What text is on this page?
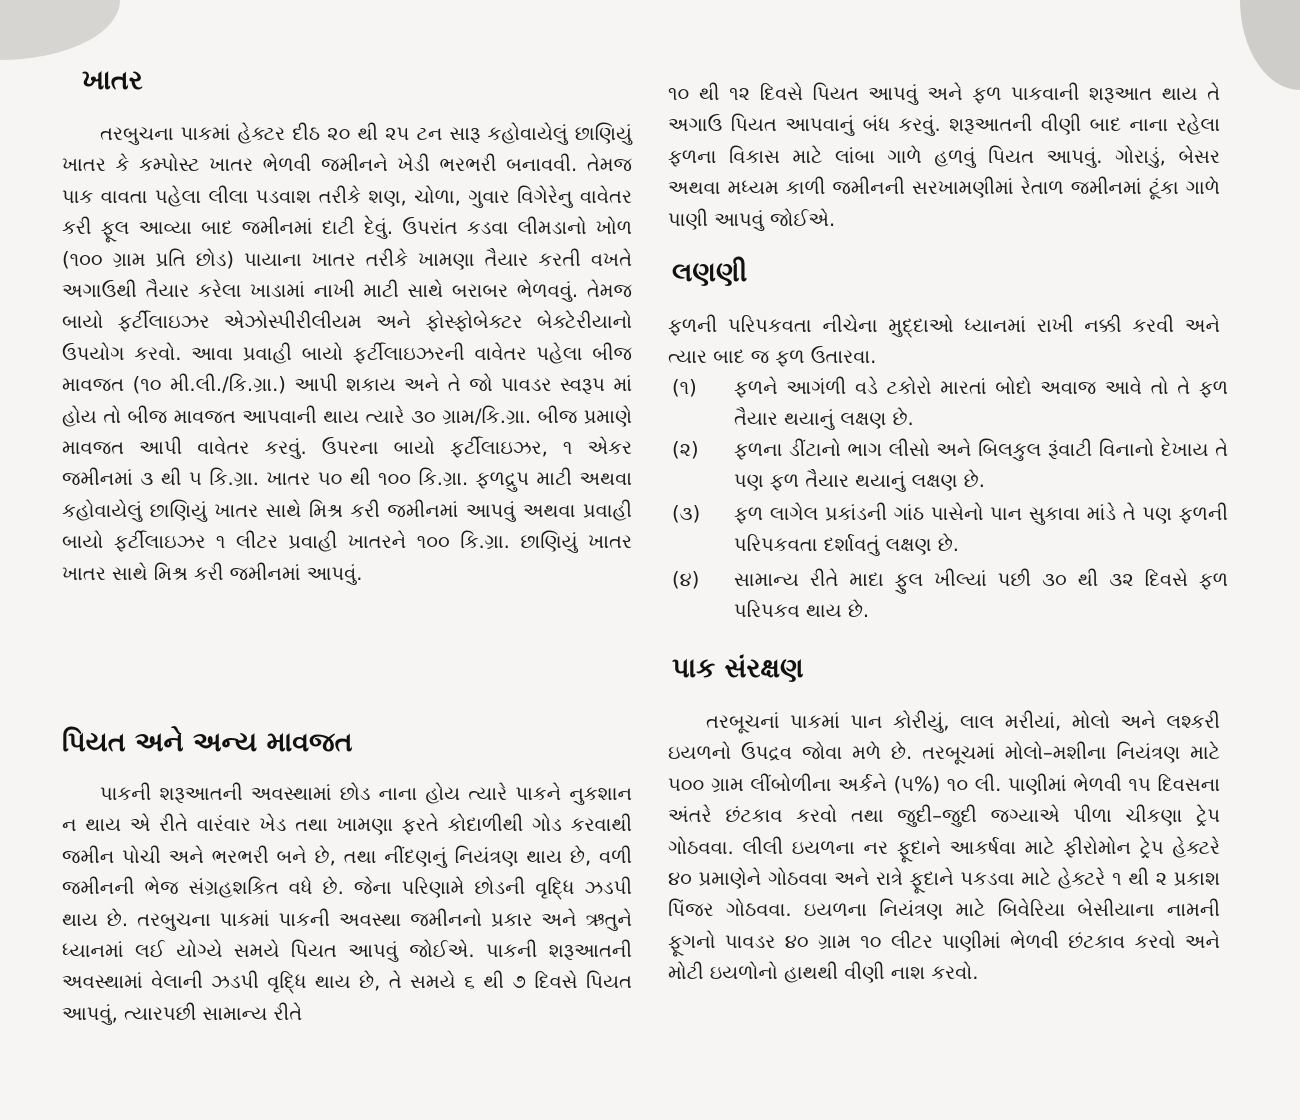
ખાતર

તરબુચના પાકમાં હેક્ટર દીઠ ૨૦ થી ૨૫ ટન સારૂ કહોવાયેલું છાણિયું ખાતર કે કમ્પોસ્ટ ખાતર ભેળવી જમીનને ખેડી ભરભરી બનાવવી. તેમજ પાક વાવતા પહેલા લીલા પડવાશ તરીકે શણ, ચોળા, ગુવાર વિગેરેનુ વાવેતર કરી ફૂલ આવ્યા બાદ જમીનમાં દાટી દેવું. ઉપરાંત કડવા લીમડાનો ખોળ (૧૦૦ ગ્રામ પ્રતિ છોડ) પાયાના ખાતર તરીકે ખામણા તૈયાર કરતી વખતે અગાઉથી તૈયાર કરેલા ખાડામાં નાખી માટી સાથે બરાબર ભેળવવું. તેમજ બાયો ફર્ટીલાઇઝર એઝોસ્પીરીલીયમ અને ફોસ્ફોબેક્ટર બેક્ટેરીયાનો ઉપયોગ કરવો. આવા પ્રવાહી બાયો ફર્ટીલાઇઝરની વાવેતર પહેલા બીજ માવજત (૧૦ મી.લી./કિ.ગ્રા.) આપી શકાય અને તે જો પાવડર સ્વરૂપ માં હોય તો બીજ માવજત આપવાની થાય ત્યારે ૩૦ ગ્રામ/કિ.ગ્રા. બીજ પ્રમાણે માવજત આપી વાવેતર કરવું. ઉપરના બાયો ફર્ટીલાઇઝર, ૧ એકર જમીનમાં ૩ થી ૫ કિ.ગ્રા. ખાતર ૫૦ થી ૧૦૦ કિ.ગ્રા. ફળદ્રુપ માટી અથવા કહોવાયેલું છાણિયું ખાતર સાથે મિશ્ર કરી જમીનમાં આપવું અથવા પ્રવાહી બાયો ફર્ટીલાઇઝર ૧ લીટર પ્રવાહી ખાતરને ૧૦૦ કિ.ગ્રા. છાણિયું ખાતર ખાતર સાથે મિશ્ર કરી જમીનમાં આપવું.

પિયત અને અન્ય માવજત

પાકની શરૂઆતની અવસ્થામાં છોડ નાના હોય ત્યારે પાકને નુકશાન ન થાય એ રીતે વારંવાર ખેડ તથા ખામણા ફરતે કોદાળીથી ગોડ કરવાથી જમીન પોચી અને ભરભરી બને છે, તથા નીંદણનું નિયંત્રણ થાય છે, વળી જમીનની ભેજ સંગ્રહશકિત વધે છે. જેના પરિણામે છોડની વૃદ્ધિ ઝડપી થાય છે. તરબુચના પાકમાં પાકની અવસ્થા જમીનનો પ્રકાર અને ઋતુને ધ્યાનમાં લઈ યોગ્યે સમયે પિયત આપવું જોઈએ. પાકની શરૂઆતની અવસ્થામાં વેલાની ઝડપી વૃદ્ધિ થાય છે, તે સમયે ૬ થી ૭ દિવસે પિયત આપવું, ત્યારપછી સામાન્ય રીતે

૧૦ થી ૧૨ દિવસે પિયત આપવું અને ફળ પાકવાની શરૂઆત થાય તે અગાઉ પિયત આપવાનું બંધ કરવું. શરૂઆતની વીણી બાદ નાના રહેલા ફળના વિકાસ માટે લાંબા ગાળે હળવું પિયત આપવું. ગોરાડું, બેસર અથવા મધ્યમ કાળી જમીનની સરખામણીમાં રેતાળ જમીનમાં ટૂંકા ગાળે પાણી આપવું જોઈએ.

લણણી

ફળની પરિપકવતા નીચેના મુદ્દાઓ ધ્યાનમાં રાખી નક્કી કરવી અને ત્યાર બાદ જ ફળ ઉતારવા.

(૧)	ફળને આગંળી વડે ટકોરો મારતાં બોદો અવાજ આવે તો તે ફળ તૈયાર થયાનું લક્ષણ છે.
(૨)	ફળના ડીંટાનો ભાગ લીસો અને બિલકુલ રૂંવાટી વિનાનો દેખાય તે પણ ફળ તૈયાર થયાનું લક્ષણ છે.
(૩)	ફળ લાગેલ પ્રકાંડની ગાંઠ પાસેનો પાન સુકાવા માંડે તે પણ ફળની પરિપકવતા દર્શાવતું લક્ષણ છે.
(૪)	સામાન્ય રીતે માદા ફુલ ખીલ્યાં પછી ૩૦ થી ૩૨ દિવસે ફળ પરિપકવ થાય છે.
પાક સંરક્ષણ

તરબૂચનાં પાકમાં પાન કોરીયું, લાલ મરીયાં, મોલો અને લશ્કરી ઇયળનો ઉપદ્રવ જોવા મળે છે. તરબૂચમાં મોલો–મશીના નિયંત્રણ માટે ૫૦૦ ગ્રામ લીંબોળીના અર્કને (૫%) ૧૦ લી. પાણીમાં ભેળવી ૧૫ દિવસના અંતરે છંટકાવ કરવો તથા જુદી–જુદી જગ્યાએ પીળા ચીકણા ટ્રેપ ગોઠવવા. લીલી ઇયળના નર ફૂદાને આકર્ષવા માટે ફીરોમોન ટ્રેપ હેક્ટરે ૪૦ પ્રમાણેને ગોઠવવા અને રાત્રે ફૂદાને પકડવા માટે હેક્ટરે ૧ થી ૨ પ્રકાશ પિંજર ગોઠવવા. ઇયળના નિયંત્રણ માટે બિવેરિયા બેસીયાના નામની ફૂગનો પાવડર ૪૦ ગ્રામ ૧૦ લીટર પાણીમાં ભેળવી છંટકાવ કરવો અને મોટી ઇયળોનો હાથથી વીણી નાશ કરવો.
